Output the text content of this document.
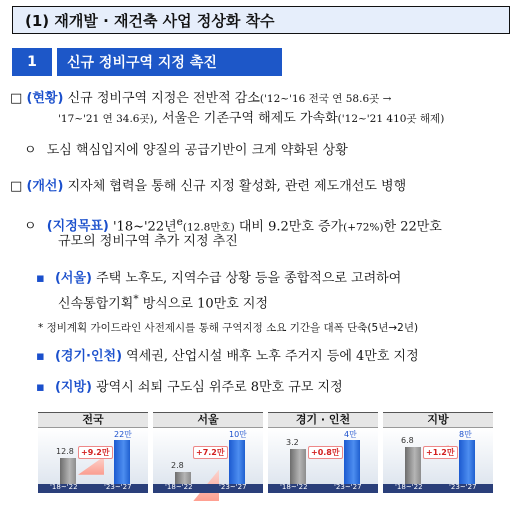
(1) 재개발 · 재건축 사업 정상화 착수
1	신규 정비구역 지정 촉진
□ (현황) 신규 정비구역 지정은 전반적 감소('12~'16 전국 연 58.6곳 →
'17~'21 연 34.6곳), 서울은 기존구역 해제도 가속화('12~'21 410곳 해제)
ㅇ 도심 핵심입지에 양질의 공급기반이 크게 약화된 상황
□ (개선) 지자체 협력을 통해 신규 지정 활성화, 관련 제도개선도 병행
ㅇ (지정목표) '18~'22년$^e$(12.8만호) 대비 9.2만호 증가(+72%)한 22만호
규모의 정비구역 추가 지정 추진
▪ (서울) 주택 노후도, 지역수급 상황 등을 종합적으로 고려하여
신속통합기획* 방식으로 10만호 지정
* 정비계획 가이드라인 사전제시를 통해 구역지정 소요 기간을 대폭 단축(5년→2년)
▪ (경기·인천) 역세권, 산업시설 배후 노후 주거지 등에 4만호 지정
▪ (지방) 광역시 쇠퇴 구도심 위주로 8만호 규모 지정
전국
12.8
22만
+9.2만
'18~'22	'23~'27
서울
2.8
10만
+7.2만
'18~'22	'23~'27
경기 · 인천
3.2
4만
+0.8만
'18~'22	'23~'27
지방
6.8
8만
+1.2만
'18~'22	'23~'27
